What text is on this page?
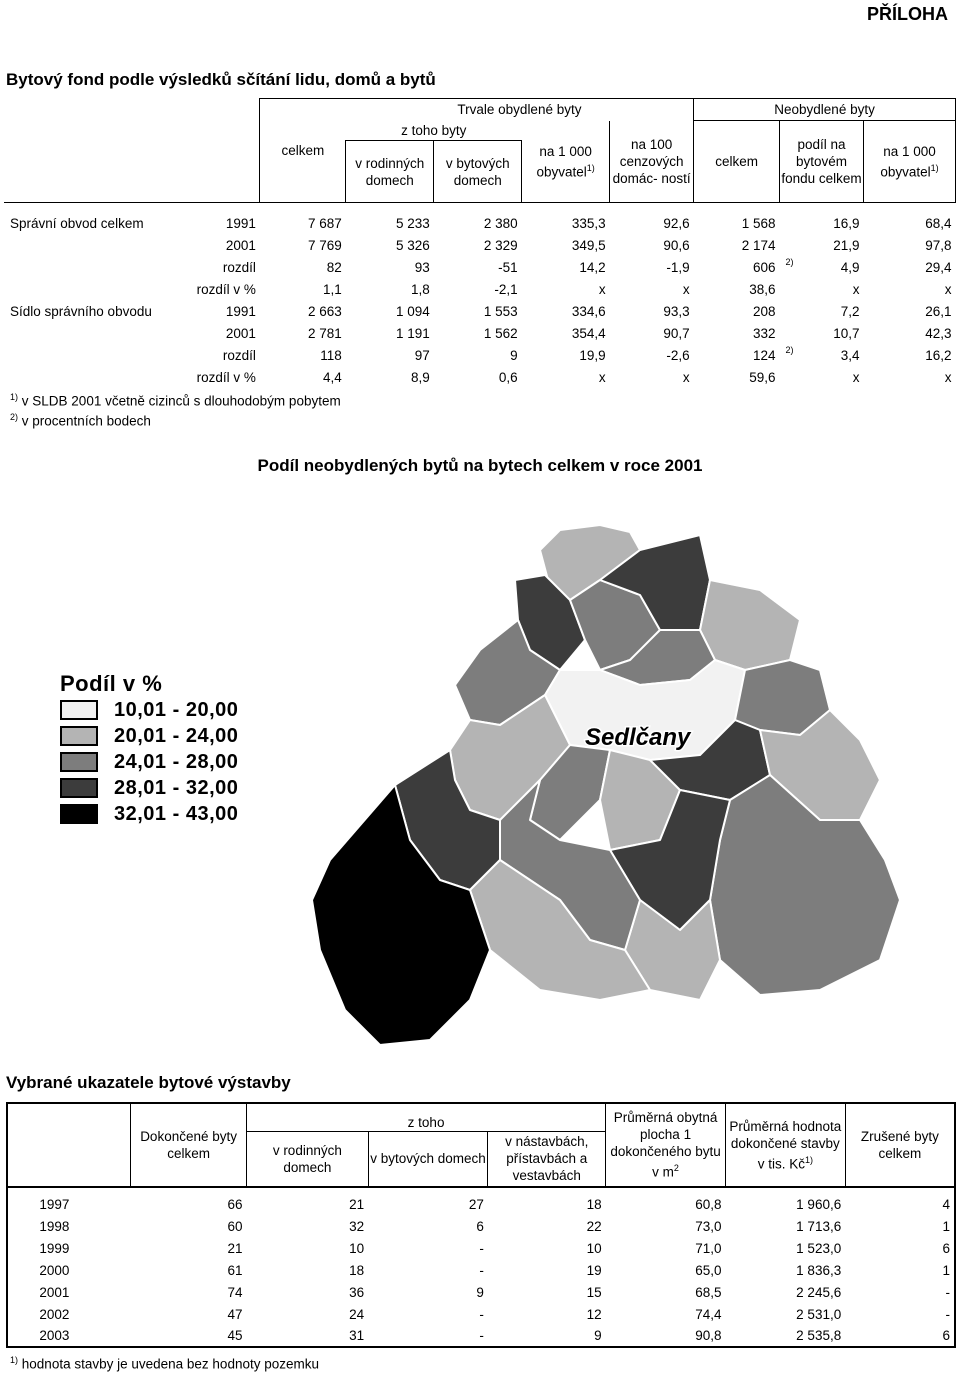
PŘÍLOHA
Bytový fond podle výsledků sčítání lidu, domů a bytů
		celkem	Trvale obydlené byty				Neobydlené byty		
			z toho byty		na 1 000 obyvatel$^{1)}$	na 100 cenzových domác- ností	celkem	podíl na bytovém fondu celkem	na 1 000 obyvatel$^{1)}$
			v rodinných domech	v bytových domech					

Správní obvod celkem	1991	7 687	5 233	2 380	335,3	92,6	1 568	16,9	68,4
	2001	7 769	5 326	2 329	349,5	90,6	2 174	21,9	97,8
	rozdíl	82	93	-51	14,2	-1,9	606	2) 4,9	29,4
	rozdíl v %	1,1	1,8	-2,1	x	x	38,6	x	x
Sídlo správního obvodu	1991	2 663	1 094	1 553	334,6	93,3	208	7,2	26,1
	2001	2 781	1 191	1 562	354,4	90,7	332	10,7	42,3
	rozdíl	118	97	9	19,9	-2,6	124	2) 3,4	16,2
	rozdíl v %	4,4	8,9	0,6	x	x	59,6	x	x
$^{1)}$ v SLDB 2001 včetně cizinců s dlouhodobým pobytem
$^{2)}$ v procentních bodech
Podíl neobydlených bytů na bytech celkem v roce 2001
Sedlčany
Podíl v %
10,01 - 20,00
20,01 - 24,00
24,01 - 28,00
28,01 - 32,00
32,01 - 43,00
Vybrané ukazatele bytové výstavby
	Dokončené byty celkem	z toho			Průměrná obytná plocha 1 dokončeného bytu v $m^2$	Průměrná hodnota dokončené stavby v tis. $Kč^{1)}$	Zrušené byty celkem
		v rodinných domech	v bytových domech	v nástavbách, přístavbách a vestavbách			

1997	66	21	27	18	60,8	1 960,6	4
1998	60	32	6	22	73,0	1 713,6	1
1999	21	10	-	10	71,0	1 523,0	6
2000	61	18	-	19	65,0	1 836,3	1
2001	74	36	9	15	68,5	2 245,6	-
2002	47	24	-	12	74,4	2 531,0	-
2003	45	31	-	9	90,8	2 535,8	6
$^{1)}$ hodnota stavby je uvedena bez hodnoty pozemku
